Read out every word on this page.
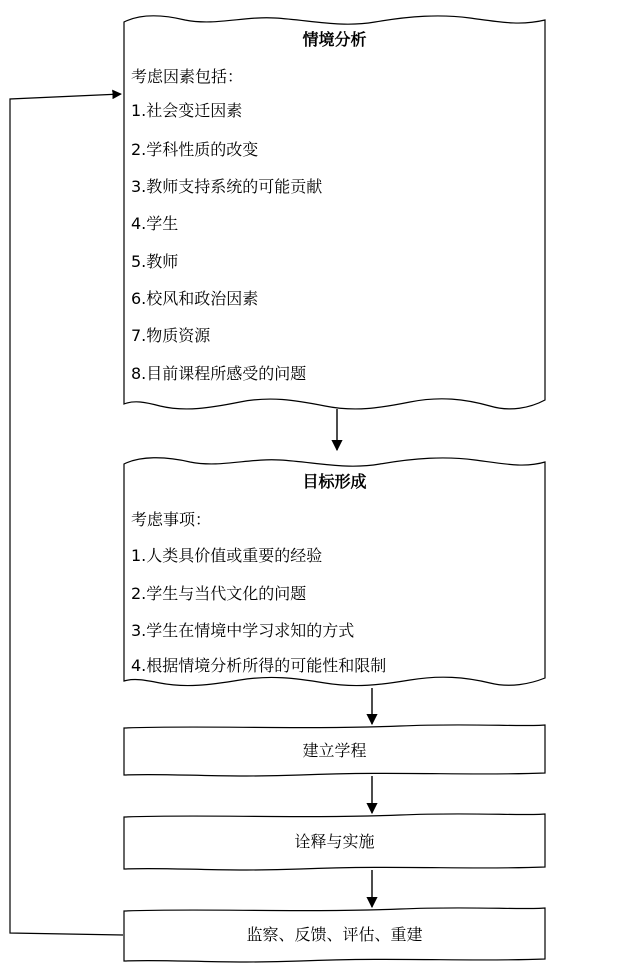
情境分析
考虑因素包括：
1.社会变迁因素
2.学科性质的改变
3.教师支持系统的可能贡献
4.学生
5.教师
6.校风和政治因素
7.物质资源
8.目前课程所感受的问题
目标形成
考虑事项：
1.人类具价值或重要的经验
2.学生与当代文化的问题
3.学生在情境中学习求知的方式
4.根据情境分析所得的可能性和限制
建立学程
诠释与实施
监察、反馈、评估、重建
